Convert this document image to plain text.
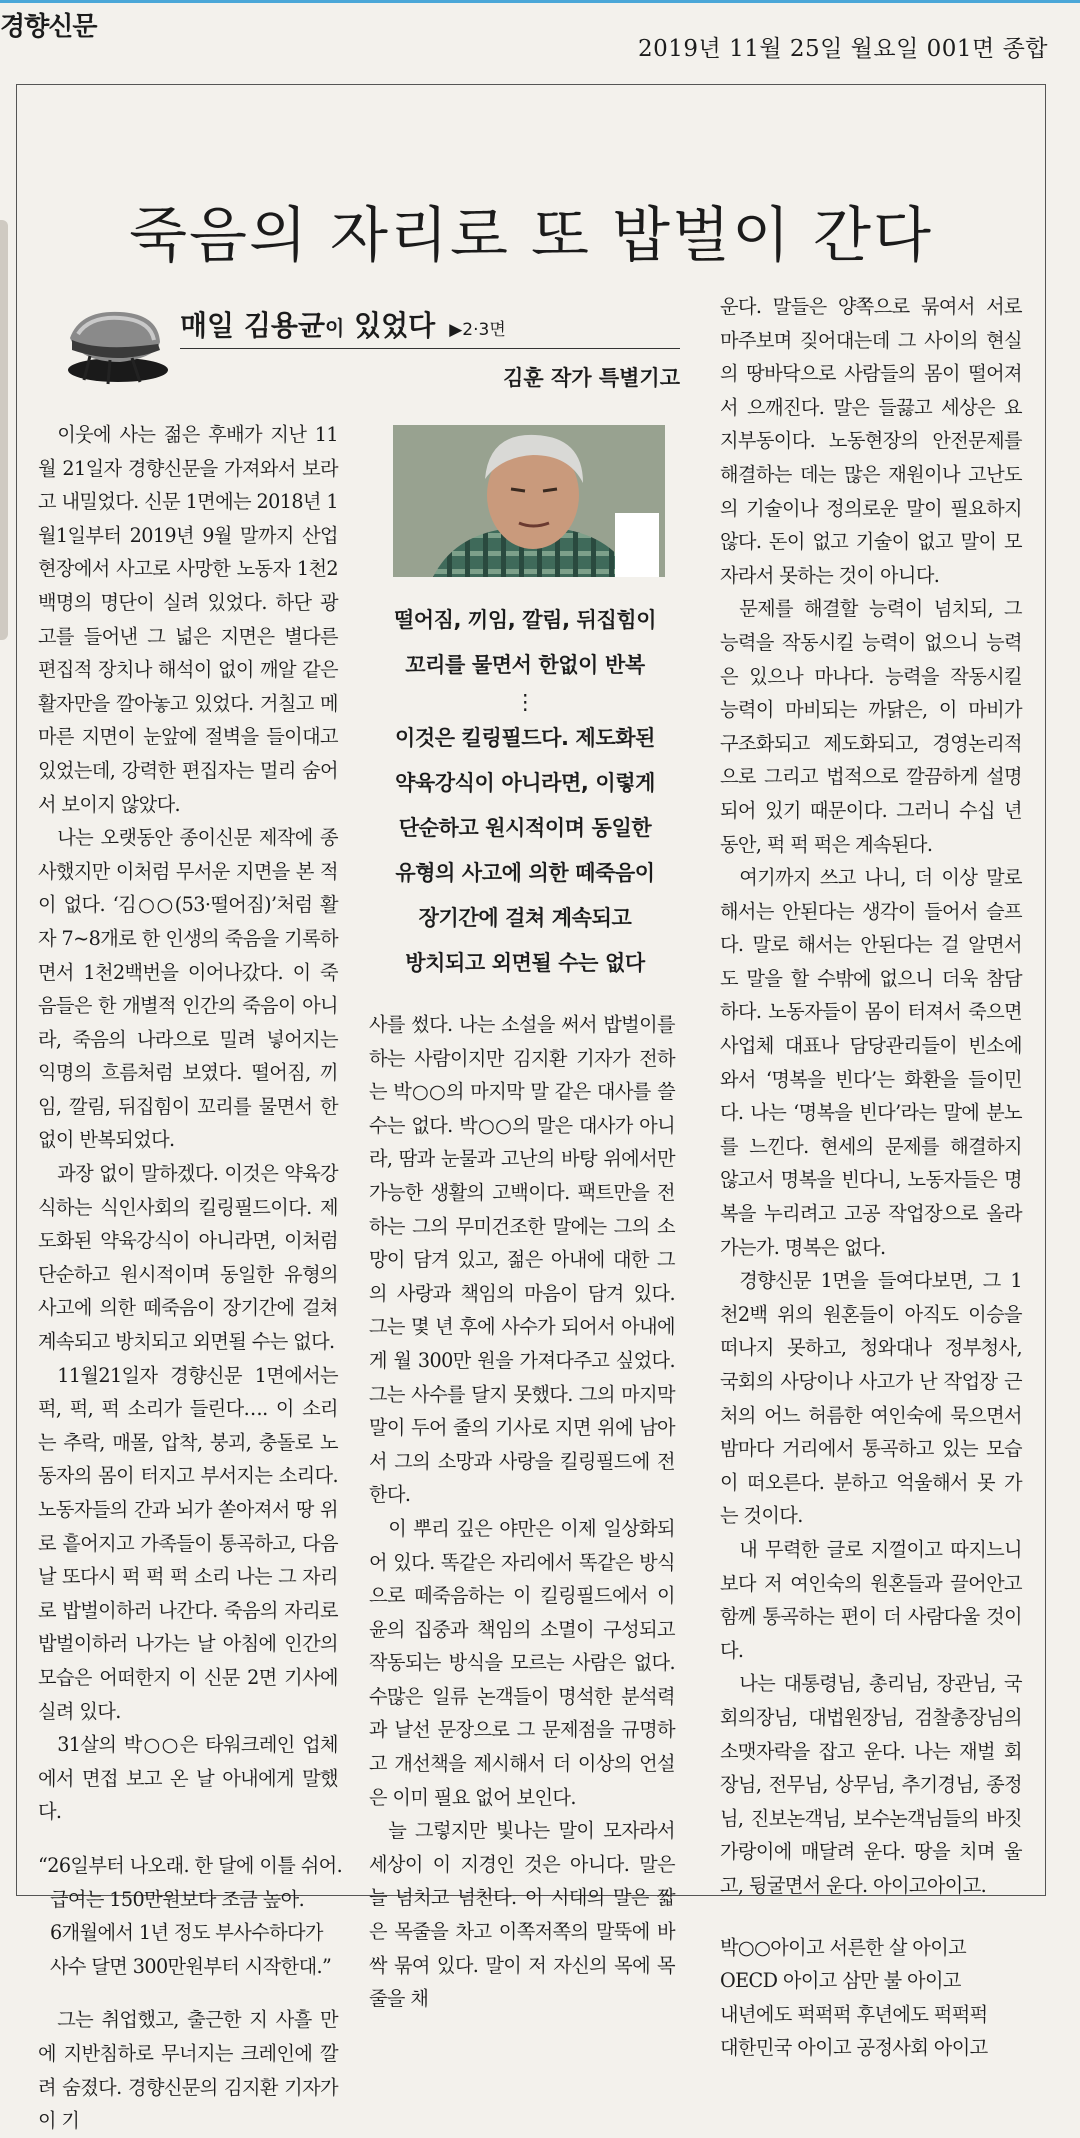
경향신문
2019년 11월 25일 월요일 001면 종합
죽음의 자리로 또 밥벌이 간다
매일 김용균이 있었다 ▶2·3면
김훈 작가 특별기고

이웃에 사는 젊은 후배가 지난 11월 21일자 경향신문을 가져와서 보라고 내밀었다. 신문 1면에는 2018년 1월1일부터 2019년 9월 말까지 산업현장에서 사고로 사망한 노동자 1천2백명의 명단이 실려 있었다. 하단 광고를 들어낸 그 넓은 지면은 별다른 편집적 장치나 해석이 없이 깨알 같은 활자만을 깔아놓고 있었다. 거칠고 메마른 지면이 눈앞에 절벽을 들이대고 있었는데, 강력한 편집자는 멀리 숨어서 보이지 않았다.

나는 오랫동안 종이신문 제작에 종사했지만 이처럼 무서운 지면을 본 적이 없다. ‘김○○(53·떨어짐)’처럼 활자 7~8개로 한 인생의 죽음을 기록하면서 1천2백번을 이어나갔다. 이 죽음들은 한 개별적 인간의 죽음이 아니라, 죽음의 나라으로 밀려 넣어지는 익명의 흐름처럼 보였다. 떨어짐, 끼임, 깔림, 뒤집힘이 꼬리를 물면서 한없이 반복되었다.

과장 없이 말하겠다. 이것은 약육강식하는 식인사회의 킬링필드이다. 제도화된 약육강식이 아니라면, 이처럼 단순하고 원시적이며 동일한 유형의 사고에 의한 떼죽음이 장기간에 걸쳐 계속되고 방치되고 외면될 수는 없다.

11월21일자 경향신문 1면에서는 퍽, 퍽, 퍽 소리가 들린다…. 이 소리는 추락, 매몰, 압착, 붕괴, 충돌로 노동자의 몸이 터지고 부서지는 소리다. 노동자들의 간과 뇌가 쏟아져서 땅 위로 흩어지고 가족들이 통곡하고, 다음날 또다시 퍽 퍽 퍽 소리 나는 그 자리로 밥벌이하러 나간다. 죽음의 자리로 밥벌이하러 나가는 날 아침에 인간의 모습은 어떠한지 이 신문 2면 기사에 실려 있다.

31살의 박○○은 타워크레인 업체에서 면접 보고 온 날 아내에게 말했다.

“26일부터 나오래. 한 달에 이틀 쉬어.
급여는 150만원보다 조금 높아.
6개월에서 1년 정도 부사수하다가
사수 달면 300만원부터 시작한대.”

그는 취업했고, 출근한 지 사흘 만에 지반침하로 무너지는 크레인에 깔려 숨졌다. 경향신문의 김지환 기자가 이 기

떨어짐, 끼임, 깔림, 뒤집힘이
꼬리를 물면서 한없이 반복
⋮
이것은 킬링필드다. 제도화된
약육강식이 아니라면, 이렇게
단순하고 원시적이며 동일한
유형의 사고에 의한 떼죽음이
장기간에 걸쳐 계속되고
방치되고 외면될 수는 없다

사를 썼다. 나는 소설을 써서 밥벌이를 하는 사람이지만 김지환 기자가 전하는 박○○의 마지막 말 같은 대사를 쓸 수는 없다. 박○○의 말은 대사가 아니라, 땀과 눈물과 고난의 바탕 위에서만 가능한 생활의 고백이다. 팩트만을 전하는 그의 무미건조한 말에는 그의 소망이 담겨 있고, 젊은 아내에 대한 그의 사랑과 책임의 마음이 담겨 있다. 그는 몇 년 후에 사수가 되어서 아내에게 월 300만 원을 가져다주고 싶었다. 그는 사수를 달지 못했다. 그의 마지막 말이 두어 줄의 기사로 지면 위에 남아서 그의 소망과 사랑을 킬링필드에 전한다.

이 뿌리 깊은 야만은 이제 일상화되어 있다. 똑같은 자리에서 똑같은 방식으로 떼죽음하는 이 킬링필드에서 이윤의 집중과 책임의 소멸이 구성되고 작동되는 방식을 모르는 사람은 없다. 수많은 일류 논객들이 명석한 분석력과 날선 문장으로 그 문제점을 규명하고 개선책을 제시해서 더 이상의 언설은 이미 필요 없어 보인다.

늘 그렇지만 빛나는 말이 모자라서 세상이 이 지경인 것은 아니다. 말은 늘 넘치고 넘친다. 이 시대의 말은 짧은 목줄을 차고 이쪽저쪽의 말뚝에 바싹 묶여 있다. 말이 저 자신의 목에 목줄을 채

운다. 말들은 양쪽으로 묶여서 서로 마주보며 짖어대는데 그 사이의 현실의 땅바닥으로 사람들의 몸이 떨어져서 으깨진다. 말은 들끓고 세상은 요지부동이다. 노동현장의 안전문제를 해결하는 데는 많은 재원이나 고난도의 기술이나 정의로운 말이 필요하지 않다. 돈이 없고 기술이 없고 말이 모자라서 못하는 것이 아니다.

문제를 해결할 능력이 넘치되, 그 능력을 작동시킬 능력이 없으니 능력은 있으나 마나다. 능력을 작동시킬 능력이 마비되는 까닭은, 이 마비가 구조화되고 제도화되고, 경영논리적으로 그리고 법적으로 깔끔하게 설명되어 있기 때문이다. 그러니 수십 년 동안, 퍽 퍽 퍽은 계속된다.

여기까지 쓰고 나니, 더 이상 말로 해서는 안된다는 생각이 들어서 슬프다. 말로 해서는 안된다는 걸 알면서도 말을 할 수밖에 없으니 더욱 참담하다. 노동자들이 몸이 터져서 죽으면 사업체 대표나 담당관리들이 빈소에 와서 ‘명복을 빈다’는 화환을 들이민다. 나는 ‘명복을 빈다’라는 말에 분노를 느낀다. 현세의 문제를 해결하지 않고서 명복을 빈다니, 노동자들은 명복을 누리려고 고공 작업장으로 올라가는가. 명복은 없다.

경향신문 1면을 들여다보면, 그 1천2백 위의 원혼들이 아직도 이승을 떠나지 못하고, 청와대나 정부청사, 국회의 사당이나 사고가 난 작업장 근처의 어느 허름한 여인숙에 묵으면서 밤마다 거리에서 통곡하고 있는 모습이 떠오른다. 분하고 억울해서 못 가는 것이다.

내 무력한 글로 지껄이고 따지느니보다 저 여인숙의 원혼들과 끌어안고 함께 통곡하는 편이 더 사람다울 것이다.

나는 대통령님, 총리님, 장관님, 국회의장님, 대법원장님, 검찰총장님의 소맷자락을 잡고 운다. 나는 재벌 회장님, 전무님, 상무님, 추기경님, 종정님, 진보논객님, 보수논객님들의 바짓가랑이에 매달려 운다. 땅을 치며 울고, 뒹굴면서 운다. 아이고아이고.

박○○아이고 서른한 살 아이고
OECD 아이고 삼만 불 아이고
내년에도 퍽퍽퍽 후년에도 퍽퍽퍽
대한민국 아이고 공정사회 아이고
